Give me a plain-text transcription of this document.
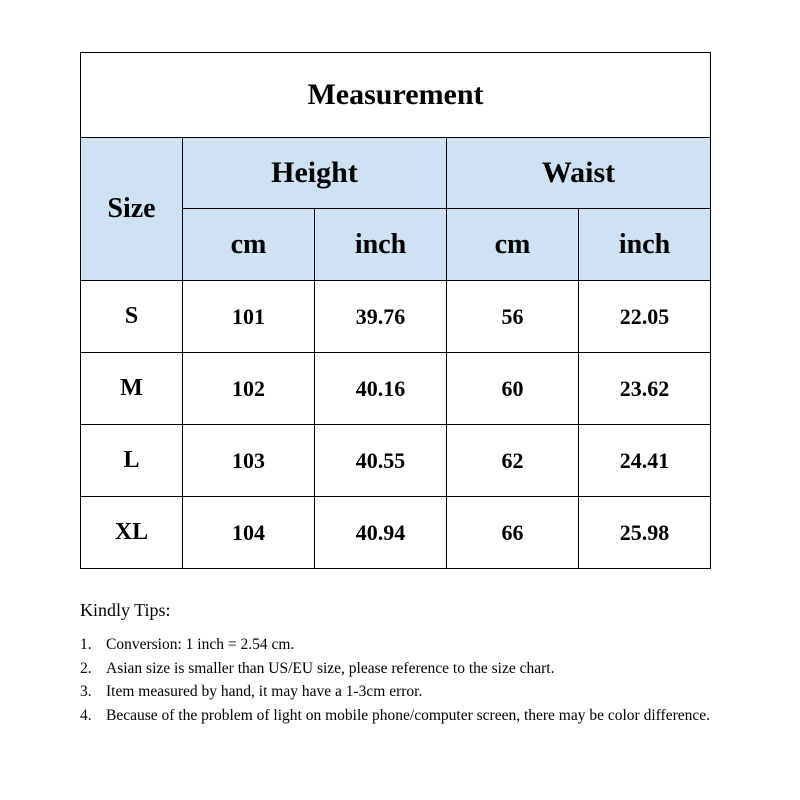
Measurement				
Size	Height		Waist	
	cm	inch	cm	inch
S	101	39.76	56	22.05
M	102	40.16	60	23.62
L	103	40.55	62	24.41
XL	104	40.94	66	25.98

Kindly Tips:

1. Conversion: 1 inch = 2.54 cm.
2. Asian size is smaller than US/EU size, please reference to the size chart.
3. Item measured by hand, it may have a 1-3cm error.
4. Because of the problem of light on mobile phone/computer screen, there may be color difference.
